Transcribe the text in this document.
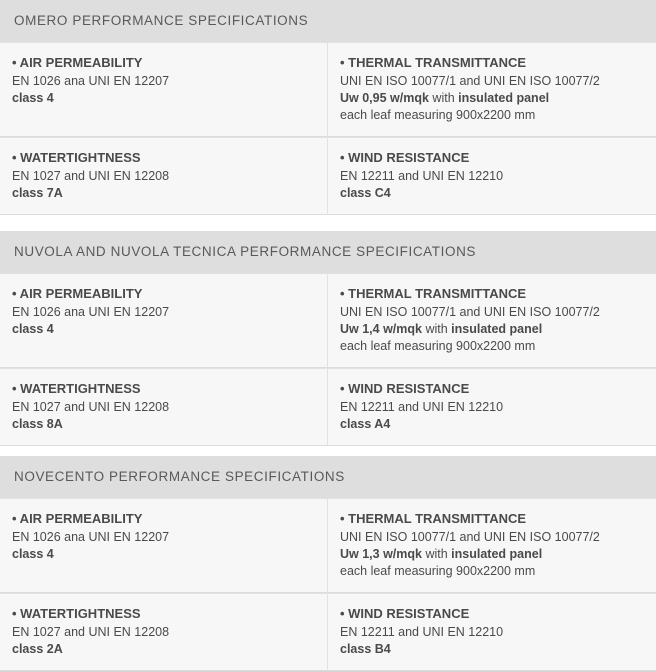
OMERO PERFORMANCE SPECIFICATIONS
• AIR PERMEABILITY
EN 1026 ana UNI EN 12207
class 4
• THERMAL TRANSMITTANCE
UNI EN ISO 10077/1 and UNI EN ISO 10077/2
Uw 0,95 w/mqk with insulated panel
each leaf measuring 900x2200 mm
• WATERTIGHTNESS
EN 1027 and UNI EN 12208
class 7A
• WIND RESISTANCE
EN 12211 and UNI EN 12210
class C4
NUVOLA AND NUVOLA TECNICA PERFORMANCE SPECIFICATIONS
• AIR PERMEABILITY
EN 1026 ana UNI EN 12207
class 4
• THERMAL TRANSMITTANCE
UNI EN ISO 10077/1 and UNI EN ISO 10077/2
Uw 1,4 w/mqk with insulated panel
each leaf measuring 900x2200 mm
• WATERTIGHTNESS
EN 1027 and UNI EN 12208
class 8A
• WIND RESISTANCE
EN 12211 and UNI EN 12210
class A4
NOVECENTO PERFORMANCE SPECIFICATIONS
• AIR PERMEABILITY
EN 1026 ana UNI EN 12207
class 4
• THERMAL TRANSMITTANCE
UNI EN ISO 10077/1 and UNI EN ISO 10077/2
Uw 1,3 w/mqk with insulated panel
each leaf measuring 900x2200 mm
• WATERTIGHTNESS
EN 1027 and UNI EN 12208
class 2A
• WIND RESISTANCE
EN 12211 and UNI EN 12210
class B4
